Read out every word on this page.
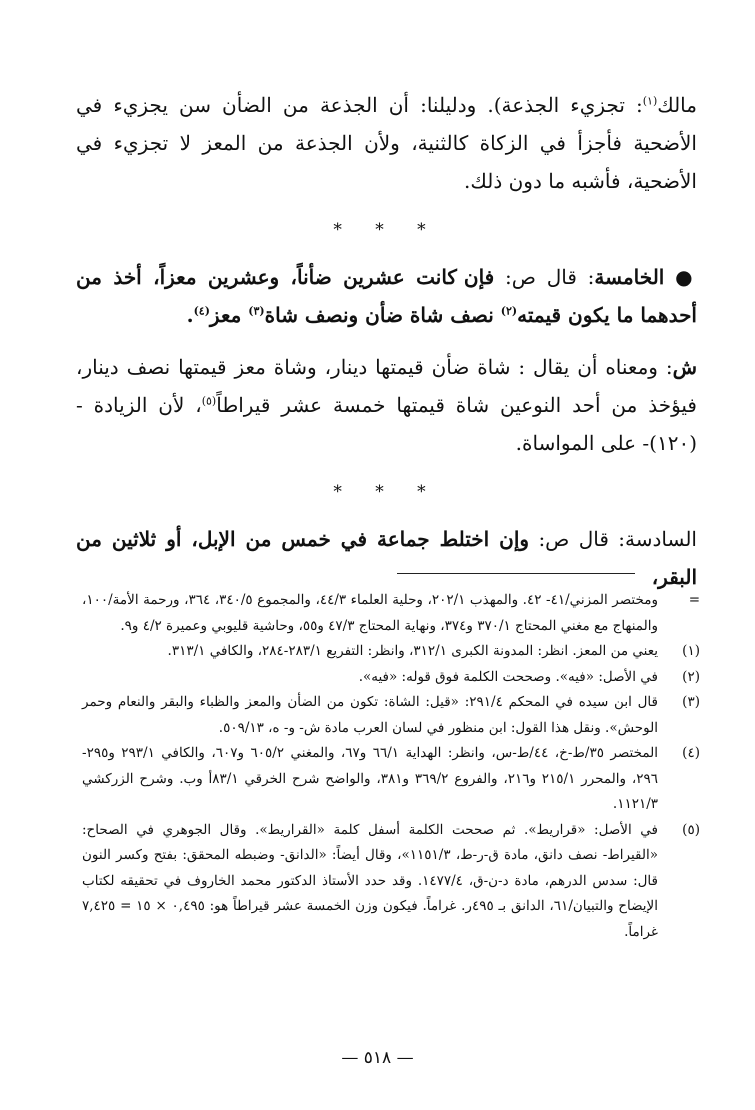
مالك$^{(١)}$: تجزيء الجذعة). ودليلنا: أن الجذعة من الضأن سن يجزيء في الأضحية فأجزأ في الزكاة كالثنية، ولأن الجذعة من المعز لا تجزيء في الأضحية، فأشبه ما دون ذلك.

* * *

● الخامسة: قال ص: فإن كانت عشرين ضأناً، وعشرين معزاً، أخذ من أحدهما ما يكون قيمته$^{(٢)}$ نصف شاة ضأن ونصف شاة$^{(٣)}$ معز$^{(٤)}$.

ش: ومعناه أن يقال : شاة ضأن قيمتها دينار، وشاة معز قيمتها نصف دينار، فيؤخذ من أحد النوعين شاة قيمتها خمسة عشر قيراطاً$^{(٥)}$، لأن الزيادة -(١٢٠)- على المواساة.

* * *

السادسة: قال ص: وإن اختلط جماعة في خمس من الإبل، أو ثلاثين من البقر،

=
ومختصر المزني/٤١- ٤٢. والمهذب ٢٠٢/١، وحلية العلماء ٤٤/٣، والمجموع ٣٤٠/٥، ٣٦٤، ورحمة الأمة/١٠٠، والمنهاج مع مغني المحتاج ٣٧٠/١ و٣٧٤، ونهاية المحتاج ٤٧/٣ و٥٥، وحاشية قليوبي وعميرة ٤/٢ و٩.
(١)
يعني من المعز. انظر: المدونة الكبرى ٣١٢/١، وانظر: التفريع ٢٨٣/١-٢٨٤، والكافي ٣١٣/١.
(٢)
في الأصل: «فيه». وصححت الكلمة فوق قوله: «فيه».
(٣)
قال ابن سيده في المحكم ٢٩١/٤: «قيل: الشاة: تكون من الضأن والمعز والظباء والبقر والنعام وحمر الوحش». ونقل هذا القول: ابن منظور في لسان العرب مادة ش- و- ه، ٥٠٩/١٣.
(٤)
المختصر ٣٥/ط-خ، ٤٤/ط-س، وانظر: الهداية ٦٦/١ و٦٧، والمغني ٦٠٥/٢ و٦٠٧، والكافي ٢٩٣/١ و٢٩٥- ٢٩٦، والمحرر ٢١٥/١ و٢١٦، والفروع ٣٦٩/٢ و٣٨١، والواضح شرح الخرقي ٨٣/١أ وب. وشرح الزركشي ١١٢١/٣.
(٥)
في الأصل: «قراريط». ثم صححت الكلمة أسفل كلمة «القراريط». وقال الجوهري في الصحاح: «القيراط- نصف دانق، مادة ق-ر-ط، ١١٥١/٣»، وقال أيضاً: «الدانق- وضبطه المحقق: بفتح وكسر النون قال: سدس الدرهم، مادة د-ن-ق، ١٤٧٧/٤. وقد حدد الأستاذ الدكتور محمد الخاروف في تحقيقه لكتاب الإيضاح والتبيان/٦١، الدانق بـ ٤٩٥ر. غراماً. فيكون وزن الخمسة عشر قيراطاً هو: ٠,٤٩٥ × ١٥ = ٧,٤٢٥ غراماً.
— ٥١٨ —
